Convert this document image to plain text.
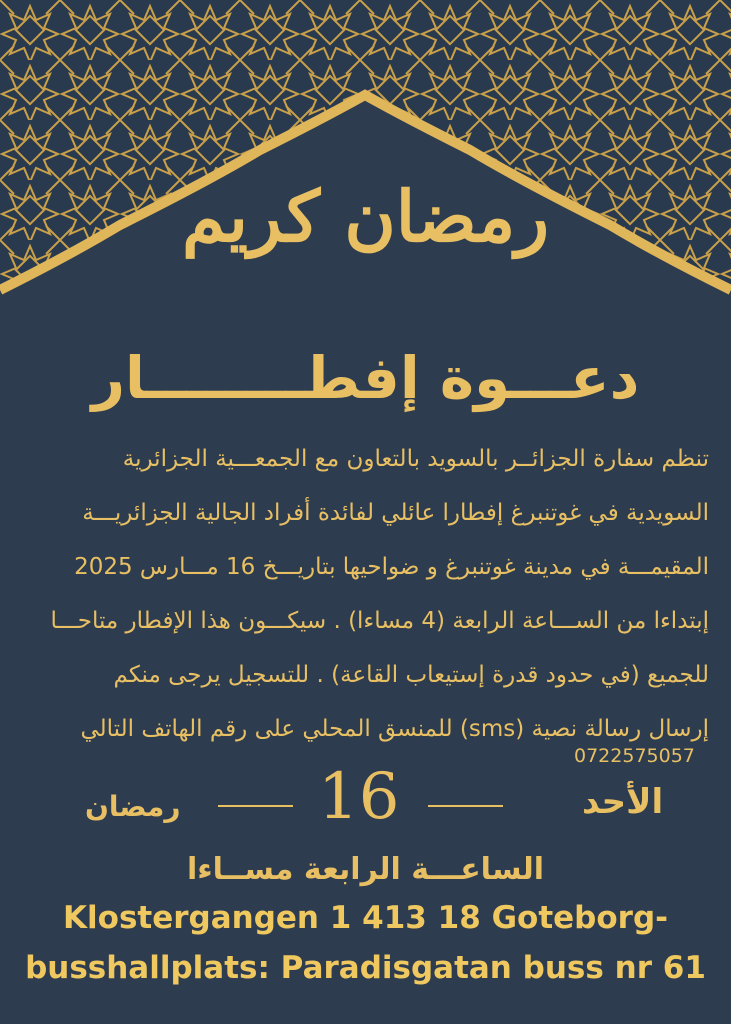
رمضان كريم
دعـــوة إفطــــــــار
تنظم سفارة الجزائــر بالسويد بالتعاون مع الجمعـــية الجزائرية
السويدية في غوتنبرغ إفطارا عائلي لفائدة أفراد الجالية الجزائريـــة
المقيمـــة في مدينة غوتنبرغ و ضواحيها بتاريـــخ 16 مـــارس 2025
إبتداءا من الســـاعة الرابعة (4 مساءا) . سيكـــون هذا الإفطار متاحـــا
للجميع (في حدود قدرة إستيعاب القاعة) . للتسجيل يرجى منكم
إرسال رسالة نصية (sms) للمنسق المحلي على رقم الهاتف التالي
0722575057
الأحد
16
رمضان
الساعـــة الرابعة مســاءا
Klostergangen 1 413 18 Goteborg-
busshallplats: Paradisgatan buss nr 61
